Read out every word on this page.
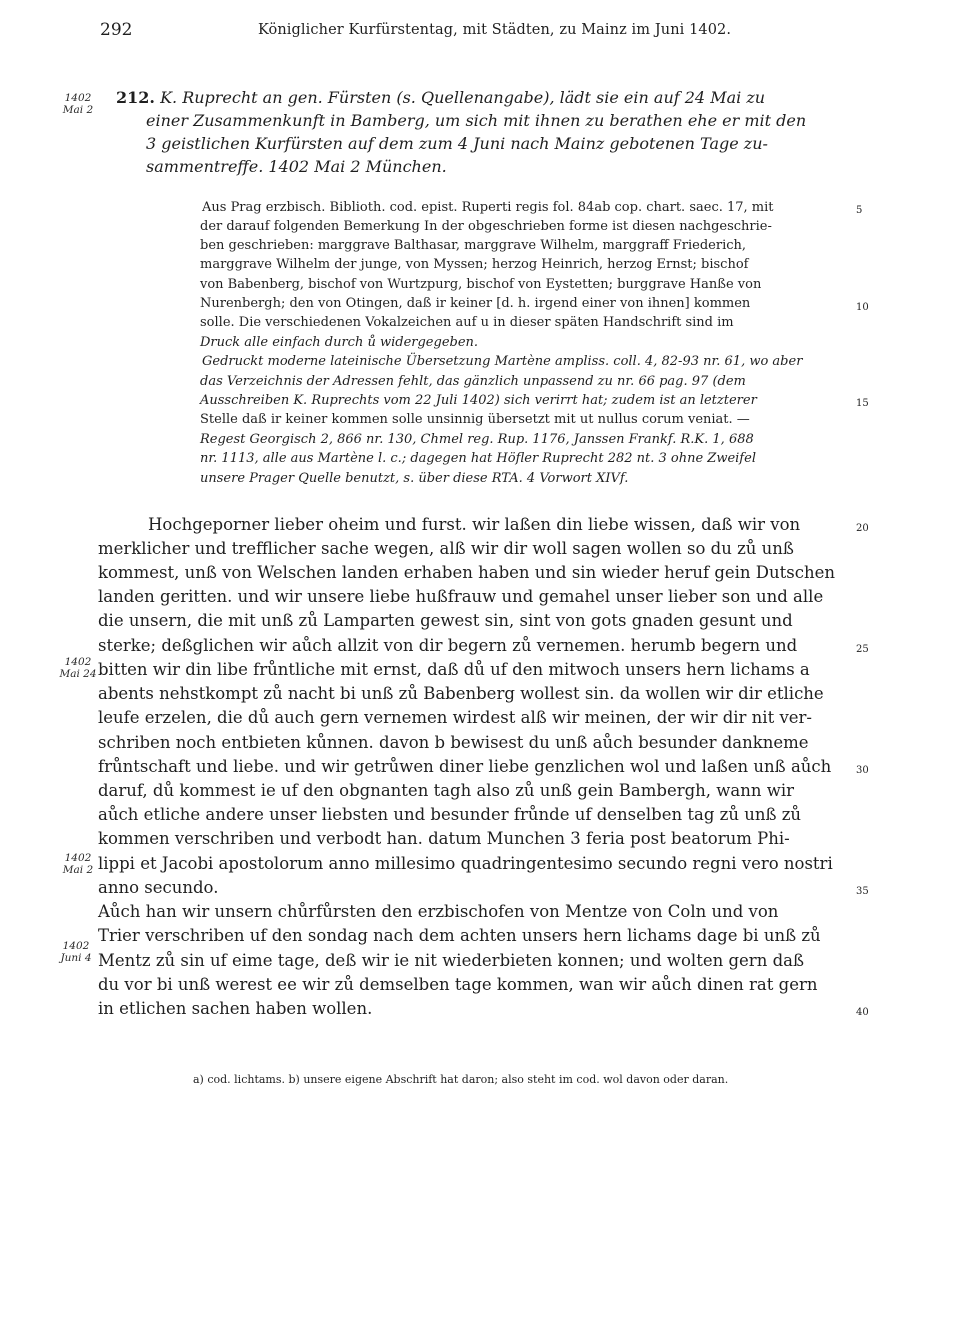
292	Königlicher Kurfürstentag, mit Städten, zu Mainz im Juni 1402.
1402
Mai 2
212. K. Ruprecht an gen. Fürsten (s. Quellenangabe), lädt sie ein auf 24 Mai zu
einer Zusammenkunft in Bamberg, um sich mit ihnen zu berathen ehe er mit den
3 geistlichen Kurfürsten auf dem zum 4 Juni nach Mainz gebotenen Tage zu-
sammentreffe. 1402 Mai 2 München.
Aus Prag erzbisch. Biblioth. cod. epist. Ruperti regis fol. 84ab cop. chart. saec. 17, mit
der darauf folgenden Bemerkung In der obgeschrieben forme ist diesen nachgeschrie-
ben geschrieben: marggrave Balthasar, marggrave Wilhelm, marggraff Friederich,
marggrave Wilhelm der junge, von Myssen; herzog Heinrich, herzog Ernst; bischof
von Babenberg, bischof von Wurtzpurg, bischof von Eystetten; burggrave Hanße von
Nurenbergh; den von Otingen, daß ir keiner [d. h. irgend einer von ihnen] kommen
solle. Die verschiedenen Vokalzeichen auf u in dieser späten Handschrift sind im
Druck alle einfach durch ů widergegeben.
Gedruckt moderne lateinische Übersetzung Martène ampliss. coll. 4, 82-93 nr. 61, wo aber
das Verzeichnis der Adressen fehlt, das gänzlich unpassend zu nr. 66 pag. 97 (dem
Ausschreiben K. Ruprechts vom 22 Juli 1402) sich verirrt hat; zudem ist an letzterer
Stelle daß ir keiner kommen solle unsinnig übersetzt mit ut nullus corum veniat. —
Regest Georgisch 2, 866 nr. 130, Chmel reg. Rup. 1176, Janssen Frankf. R.K. 1, 688
nr. 1113, alle aus Martène l. c.; dagegen hat Höfler Ruprecht 282 nt. 3 ohne Zweifel
unsere Prager Quelle benutzt, s. über diese RTA. 4 Vorwort XIVf.
Hochgeporner lieber oheim und furst. wir laßen din liebe wissen, daß wir von
merklicher und trefflicher sache wegen, alß wir dir woll sagen wollen so du zů unß
kommest, unß von Welschen landen erhaben haben und sin wieder heruf gein Dutschen
landen geritten. und wir unsere liebe hußfrauw und gemahel unser lieber son und alle
die unsern, die mit unß zů Lamparten gewest sin, sint von gots gnaden gesunt und
sterke; deßglichen wir aůch allzit von dir begern zů vernemen. herumb begern und
bitten wir din libe frůntliche mit ernst, daß dů uf den mitwoch unsers hern lichams a
abents nehstkompt zů nacht bi unß zů Babenberg wollest sin. da wollen wir dir etliche
leufe erzelen, die dů auch gern vernemen wirdest alß wir meinen, der wir dir nit ver-
schriben noch entbieten kůnnen. davon b bewisest du unß aůch besunder dankneme
frůntschaft und liebe. und wir getrůwen diner liebe genzlichen wol und laßen unß aůch
daruf, dů kommest ie uf den obgnanten tagh also zů unß gein Bambergh, wann wir
aůch etliche andere unser liebsten und besunder frůnde uf denselben tag zů unß zů
kommen verschriben und verbodt han. datum Munchen 3 feria post beatorum Phi-
lippi et Jacobi apostolorum anno millesimo quadringentesimo secundo regni vero nostri
anno secundo.
Aůch han wir unsern chůrfůrsten den erzbischofen von Mentze von Coln und von
Trier verschriben uf den sondag nach dem achten unsers hern lichams dage bi unß zů
Mentz zů sin uf eime tage, deß wir ie nit wiederbieten konnen; und wolten gern daß
du vor bi unß werest ee wir zů demselben tage kommen, wan wir aůch dinen rat gern
in etlichen sachen haben wollen.
1402
Mai 24
1402
Mai 2
1402
Juni 4
5
10
15
20
25
30
35
40
a) cod. lichtams. b) unsere eigene Abschrift hat daron; also steht im cod. wol davon oder daran.
